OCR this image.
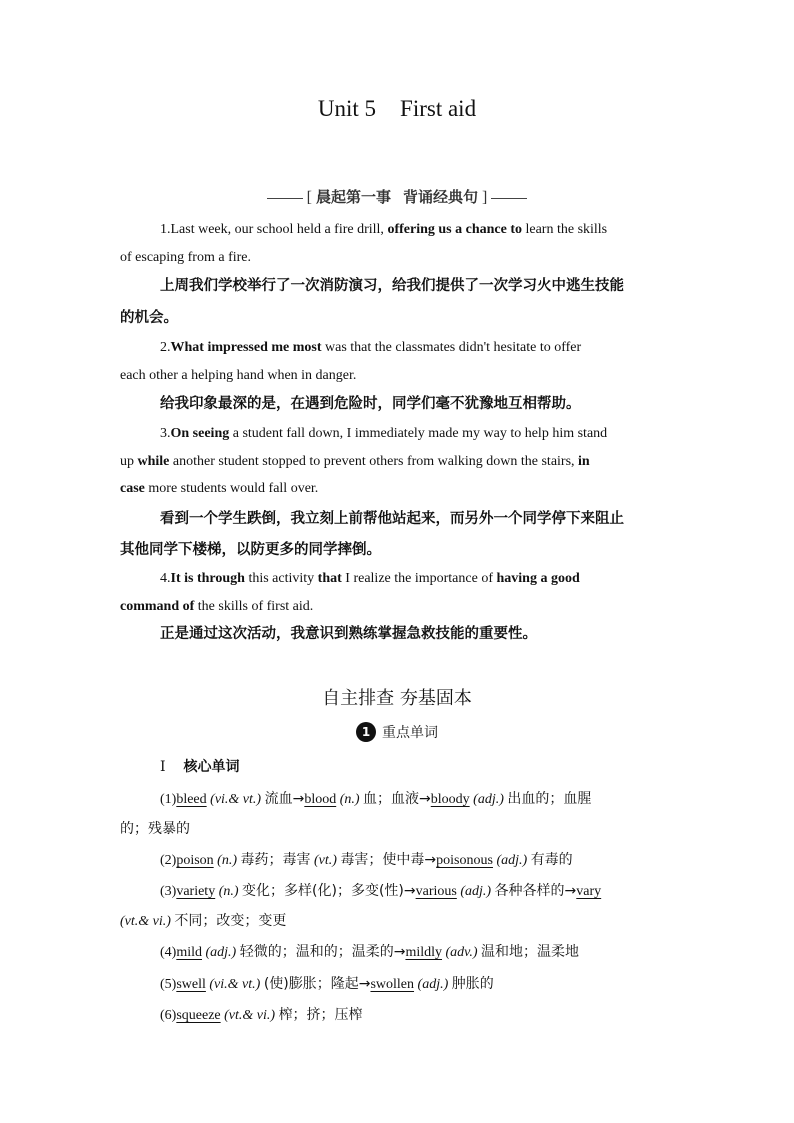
Unit 5 First aid
[ 晨起第一事 背诵经典句 ]
1.Last week, our school held a fire drill, offering us a chance to learn the skills
of escaping from a fire.
上周我们学校举行了一次消防演习，给我们提供了一次学习火中逃生技能
的机会。
2.What impressed me most was that the classmates didn't hesitate to offer
each other a helping hand when in danger.
给我印象最深的是，在遇到危险时，同学们毫不犹豫地互相帮助。
3.On seeing a student fall down, I immediately made my way to help him stand
up while another student stopped to prevent others from walking down the stairs, in
case more students would fall over.
看到一个学生跌倒，我立刻上前帮他站起来，而另外一个同学停下来阻止
其他同学下楼梯，以防更多的同学摔倒。
4.It is through this activity that I realize the importance of having a good
command of the skills of first aid.
正是通过这次活动，我意识到熟练掌握急救技能的重要性。
自主排查 夯基固本
1 重点单词
Ⅰ 核心单词
(1)bleed (vi.& vt.) 流血→blood (n.) 血；血液→bloody (adj.) 出血的；血腥
的；残暴的
(2)poison (n.) 毒药；毒害 (vt.) 毒害；使中毒→poisonous (adj.) 有毒的
(3)variety (n.) 变化；多样(化)；多变(性)→various (adj.) 各种各样的→vary
(vt.& vi.) 不同；改变；变更
(4)mild (adj.) 轻微的；温和的；温柔的→mildly (adv.) 温和地；温柔地
(5)swell (vi.& vt.) (使)膨胀；隆起→swollen (adj.) 肿胀的
(6)squeeze (vt.& vi.) 榨；挤；压榨
